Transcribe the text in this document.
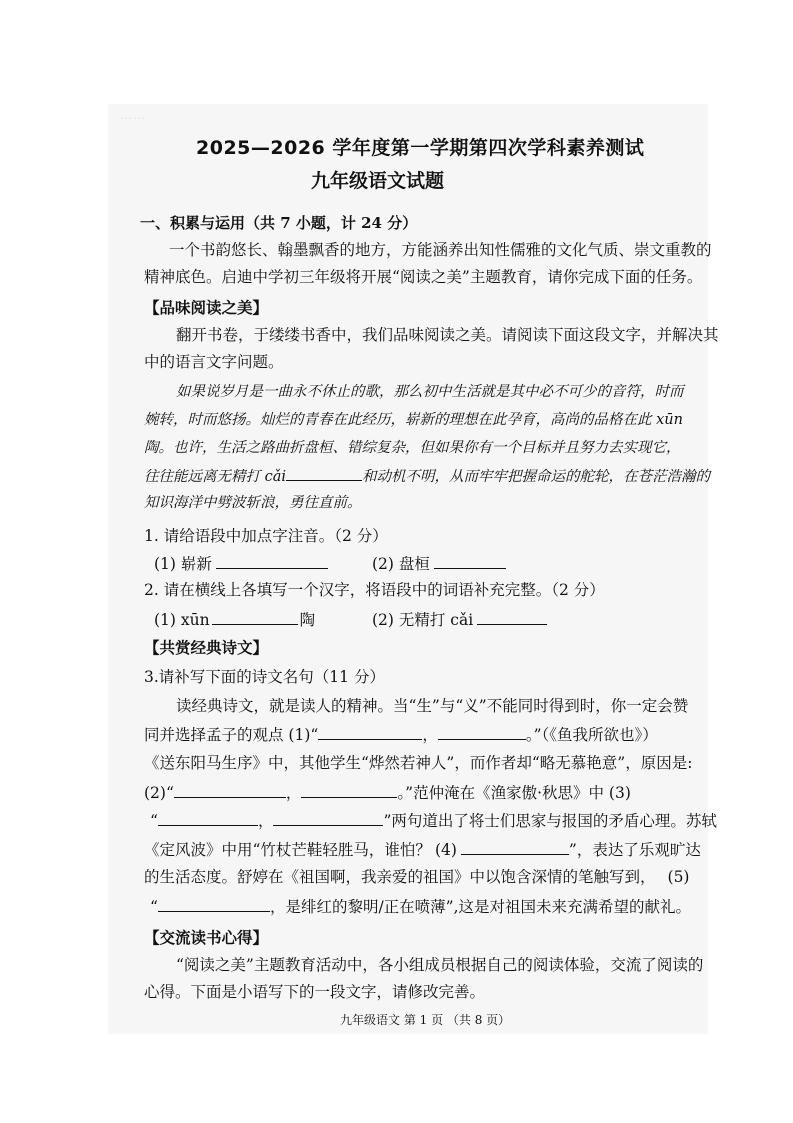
……
2025—2026 学年度第一学期第四次学科素养测试
九年级语文试题
一、积累与运用（共 7 小题，计 24 分）
一个书韵悠长、翰墨飘香的地方，方能涵养出知性儒雅的文化气质、崇文重教的
精神底色。启迪中学初三年级将开展“阅读之美”主题教育，请你完成下面的任务。
【品味阅读之美】
翻开书卷，于缕缕书香中，我们品味阅读之美。请阅读下面这段文字，并解决其
中的语言文字问题。
如果说岁月是一曲永不休止的歌，那么初中生活就是其中必不可少的音符，时而
婉转，时而悠扬。灿烂的青春在此经历，崭新的理想在此孕育，高尚的品格在此 xūn
陶。也许，生活之路曲折盘桓、错综复杂，但如果你有一个目标并且努力去实现它，
往往能远离无精打 cǎi	和动机不明，从而牢牢把握命运的舵轮，在苍茫浩瀚的
知识海洋中劈波斩浪，勇往直前。
1. 请给语段中加点字注音。（2 分）
(1) 崭新	(2) 盘桓
2. 请在横线上各填写一个汉字，将语段中的词语补充完整。（2 分）
(1) xūn	陶	(2) 无精打 cǎi
【共赏经典诗文】
3.请补写下面的诗文名句（11 分）
读经典诗文，就是读人的精神。当“生”与“义”不能同时得到时，你一定会赞
同并选择孟子的观点 (1)“	，	。”（《鱼我所欲也》）
《送东阳马生序》中，其他学生“烨然若神人”，而作者却“略无慕艳意”，原因是:
(2)“	，	。”范仲淹在《渔家傲·秋思》中 (3)
“	，	”两句道出了将士们思家与报国的矛盾心理。苏轼
《定风波》中用“竹杖芒鞋轻胜马，谁怕？ (4)	”，表达了乐观旷达
的生活态度。舒婷在《祖国啊，我亲爱的祖国》中以饱含深情的笔触写到， (5)
“	，是绯红的黎明/正在喷薄”,这是对祖国未来充满希望的献礼。
【交流读书心得】
“阅读之美”主题教育活动中，各小组成员根据自己的阅读体验，交流了阅读的
心得。下面是小语写下的一段文字，请修改完善。
九年级语文 第 1 页 （共 8 页）
